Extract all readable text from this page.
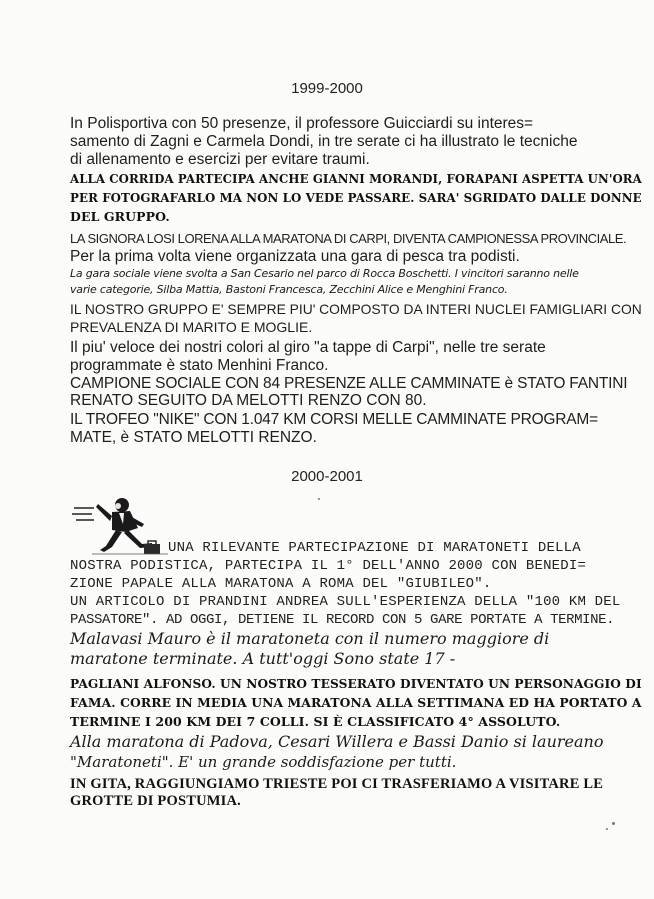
1999-2000
In Polisportiva con 50 presenze, il professore Guicciardi su interes=
samento di Zagni e Carmela Dondi, in tre serate ci ha illustrato le tecniche
di allenamento e esercizi per evitare traumi.
ALLA CORRIDA PARTECIPA ANCHE GIANNI MORANDI, FORAPANI ASPETTA UN'ORA
PER FOTOGRAFARLO MA NON LO VEDE PASSARE. SARA' SGRIDATO DALLE DONNE
DEL GRUPPO.
LA SIGNORA LOSI LORENA ALLA MARATONA DI CARPI, DIVENTA CAMPIONESSA PROVINCIALE.
Per la prima volta viene organizzata una gara di pesca tra podisti.
La gara sociale viene svolta a San Cesario nel parco di Rocca Boschetti. I vincitori saranno nelle
varie categorie, Silba Mattia, Bastoni Francesca, Zecchini Alice e Menghini Franco.
IL NOSTRO GRUPPO E' SEMPRE PIU' COMPOSTO DA INTERI NUCLEI FAMIGLIARI CON
PREVALENZA DI MARITO E MOGLIE.
Il piu' veloce dei nostri colori al giro "a tappe di Carpi", nelle tre serate
programmate è stato Menhini Franco.
CAMPIONE SOCIALE CON 84 PRESENZE ALLE CAMMINATE è STATO FANTINI
RENATO SEGUITO DA MELOTTI RENZO CON 80.
IL TROFEO "NIKE" CON 1.047 KM CORSI MELLE CAMMINATE PROGRAM=
MATE, è STATO MELOTTI RENZO.
2000-2001
UNA RILEVANTE PARTECIPAZIONE DI MARATONETI DELLA
NOSTRA PODISTICA, PARTECIPA IL 1° DELL'ANNO 2000 CON BENEDI=
ZIONE PAPALE ALLA MARATONA A ROMA DEL "GIUBILEO".
UN ARTICOLO DI PRANDINI ANDREA SULL'ESPERIENZA DELLA "100 KM DEL
PASSATORE". AD OGGI, DETIENE IL RECORD CON 5 GARE PORTATE A TERMINE.
Malavasi Mauro è il maratoneta con il numero maggiore di
maratone terminate. A tutt'oggi Sono state 17 -
PAGLIANI ALFONSO. UN NOSTRO TESSERATO DIVENTATO UN PERSONAGGIO DI
FAMA. CORRE IN MEDIA UNA MARATONA ALLA SETTIMANA ED HA PORTATO A
TERMINE I 200 KM DEI 7 COLLI. SI È CLASSIFICATO 4° ASSOLUTO.
Alla maratona di Padova, Cesari Willera e Bassi Danio si laureano
"Maratoneti". E' un grande soddisfazione per tutti.
IN GITA, RAGGIUNGIAMO TRIESTE POI CI TRASFERIAMO A VISITARE LE
GROTTE DI POSTUMIA.
